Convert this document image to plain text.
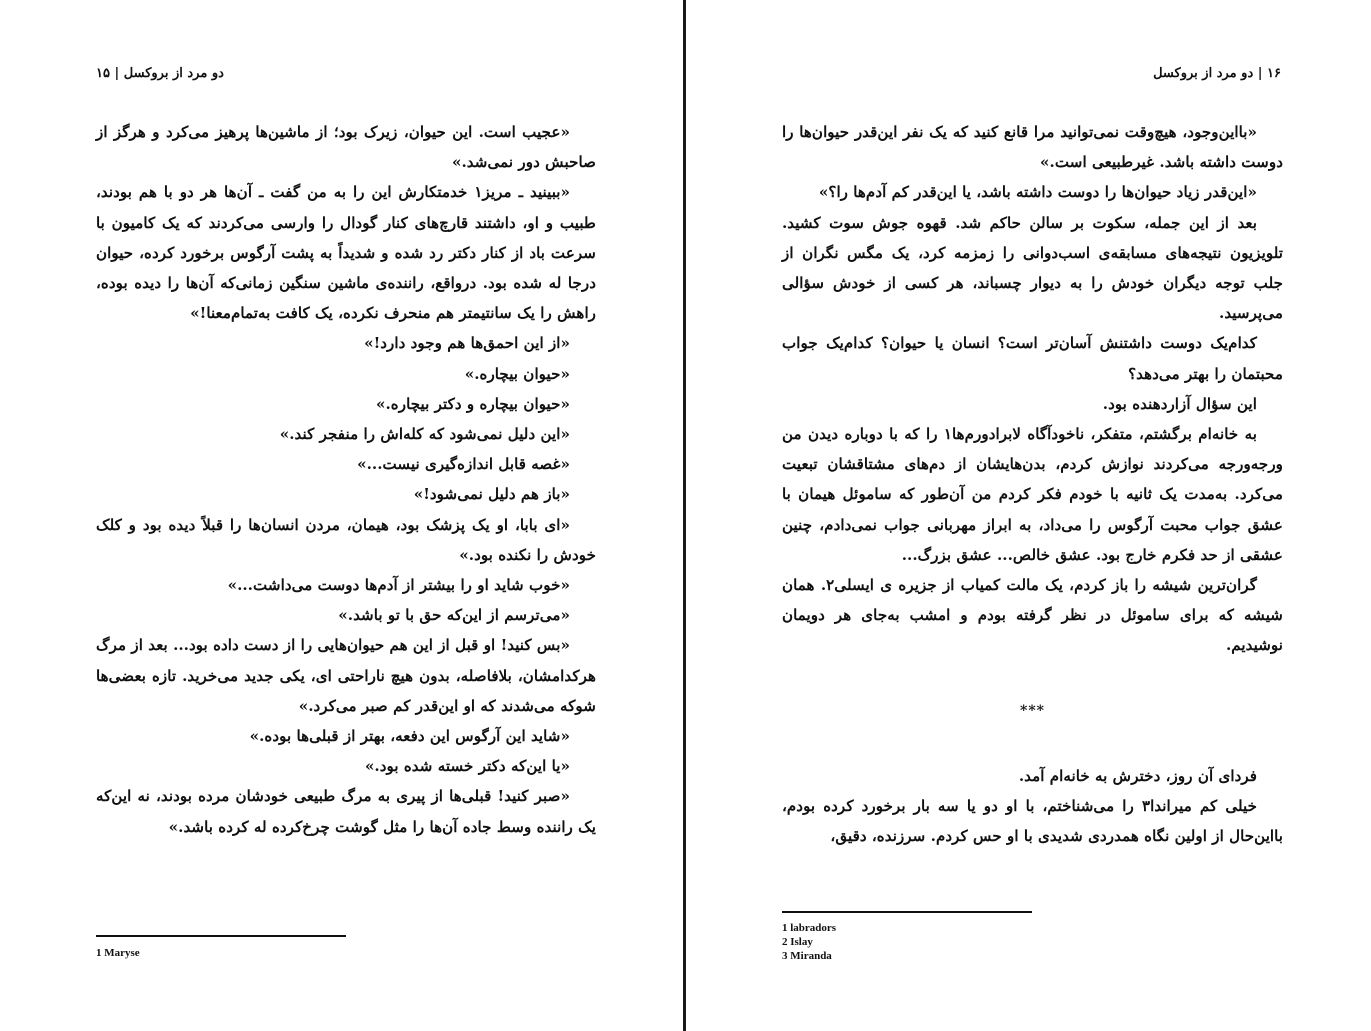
دو مرد از بروکسل | ۱۵

«عجیب است. این حیوان، زیرک بود؛ از ماشین‌ها پرهیز می‌کرد و هرگز از صاحبش دور نمی‌شد.»

«ببینید ـ مریز۱ خدمتکارش این را به من گفت ـ آن‌ها هر دو با هم بودند، طبیب و او، داشتند قارچ‌های کنار گودال را وارسی می‌کردند که یک کامیون با سرعت باد از کنار دکتر رد شده و شدیداً به پشت آرگوس برخورد کرده، حیوان درجا له شده بود. درواقع، راننده‌ی ماشین سنگین زمانی‌که آن‌ها را دیده بوده، راهش را یک سانتیمتر هم منحرف نکرده، یک کافت به‌تمام‌معنا!»

«از این احمق‌ها هم وجود دارد!»

«حیوان بیچاره.»

«حیوان بیچاره و دکتر بیچاره.»

«این دلیل نمی‌شود که کله‌اش را منفجر کند.»

«غصه قابل اندازه‌گیری نیست...»

«باز هم دلیل نمی‌شود!»

«ای بابا، او یک پزشک بود، هیمان، مردن انسان‌ها را قبلاً دیده بود و کلک خودش را نکنده بود.»

«خوب شاید او را بیشتر از آدم‌ها دوست می‌داشت...»

«می‌ترسم از این‌که حق با تو باشد.»

«بس کنید! او قبل از این هم حیوان‌هایی را از دست داده بود... بعد از مرگ هرکدامشان، بلافاصله، بدون هیچ ناراحتی ای، یکی جدید می‌خرید. تازه بعضی‌ها شوکه می‌شدند که او این‌قدر کم صبر می‌کرد.»

«شاید این آرگوس این دفعه، بهتر از قبلی‌ها بوده.»

«یا این‌که دکتر خسته شده بود.»

«صبر کنید! قبلی‌ها از پیری به مرگ طبیعی خودشان مرده بودند، نه این‌که یک راننده وسط جاده آن‌ها را مثل گوشت چرخ‌کرده له کرده باشد.»

1 Maryse
۱۶ | دو مرد از بروکسل

«بااین‌وجود، هیچ‌وقت نمی‌توانید مرا قانع کنید که یک نفر این‌قدر حیوان‌ها را دوست داشته باشد. غیرطبیعی است.»

«این‌قدر زیاد حیوان‌ها را دوست داشته باشد، یا این‌قدر کم آدم‌ها را؟»

بعد از این جمله، سکوت بر سالن حاکم شد. قهوه جوش سوت کشید. تلویزیون نتیجه‌های مسابقه‌ی اسب‌دوانی را زمزمه کرد، یک مگس نگران از جلب توجه دیگران خودش را به دیوار چسباند، هر کسی از خودش سؤالی می‌پرسید.

کدام‌یک دوست داشتنش آسان‌تر است؟ انسان یا حیوان؟ کدام‌یک جواب محبتمان را بهتر می‌دهد؟

این سؤال آزاردهنده بود.

به خانه‌ام برگشتم، متفکر، ناخودآگاه لابرادورم‌ها۱ را که با دوباره دیدن من ورجه‌ورجه می‌کردند نوازش کردم، بدن‌هایشان از دم‌های مشتاقشان تبعیت می‌کرد. به‌مدت یک ثانیه با خودم فکر کردم من آن‌طور که ساموئل هیمان با عشق جواب محبت آرگوس را می‌داد، به ابراز مهربانی جواب نمی‌دادم، چنین عشقی از حد فکرم خارج بود. عشق خالص... عشق بزرگ...

گران‌ترین شیشه را باز کردم، یک مالت کمیاب از جزیره ی ایسلی۲. همان شیشه که برای ساموئل در نظر گرفته بودم و امشب به‌جای هر دویمان نوشیدیم.

***

فردای آن روز، دخترش به خانه‌ام آمد.

خیلی کم میراندا۳ را می‌شناختم، با او دو یا سه بار برخورد کرده بودم، بااین‌حال از اولین نگاه همدردی شدیدی با او حس کردم. سرزنده، دقیق،

1 labradors
2 Islay
3 Miranda
